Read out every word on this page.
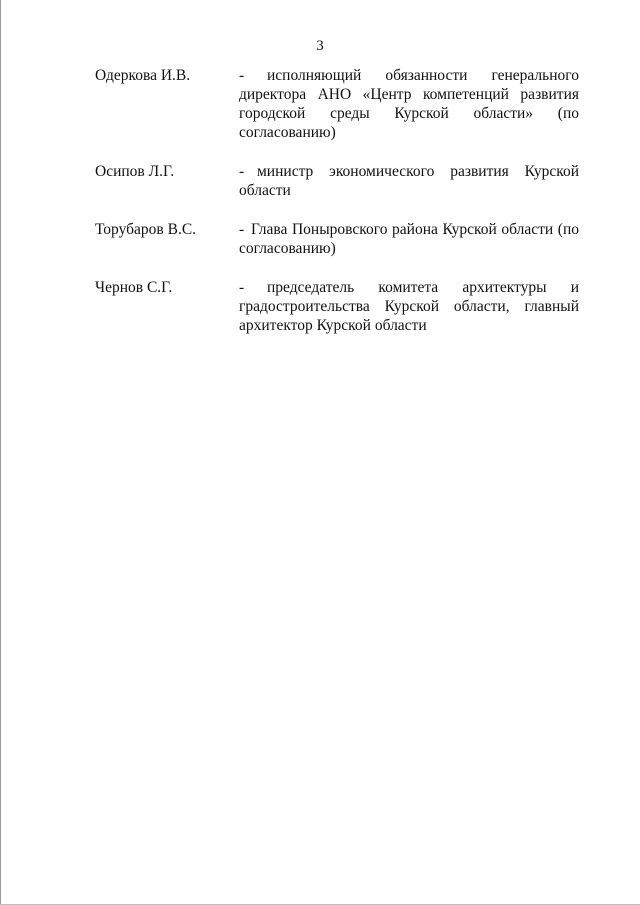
3
Одеркова И.В.	- исполняющий обязанности генерального директора АНО «Центр компетенций развития городской среды Курской области» (по согласованию)
Осипов Л.Г.	- министр экономического развития Курской области
Торубаров В.С.	- Глава Поныровского района Курской области (по согласованию)
Чернов С.Г.	- председатель комитета архитектуры и градостроительства Курской области, главный архитектор Курской области
